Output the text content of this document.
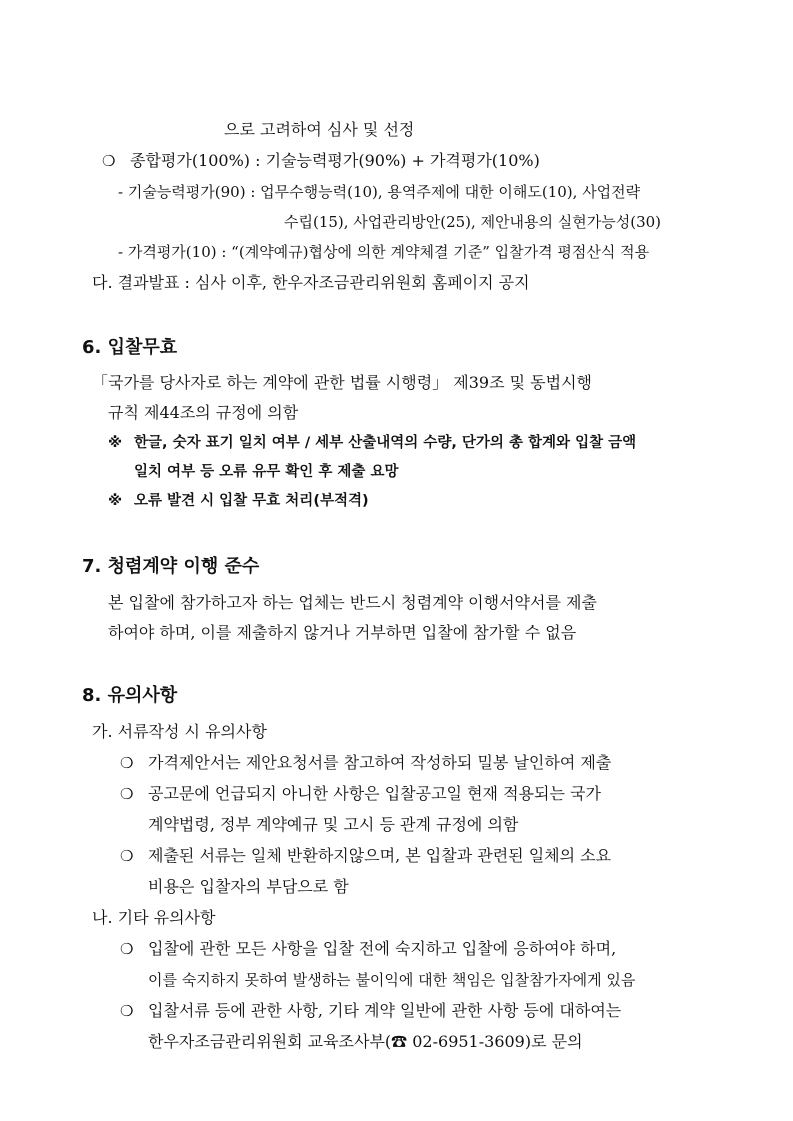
으로 고려하여 심사 및 선정
❍ 종합평가(100%) : 기술능력평가(90%) + 가격평가(10%)
- 기술능력평가(90) : 업무수행능력(10), 용역주제에 대한 이해도(10), 사업전략
수립(15), 사업관리방안(25), 제안내용의 실현가능성(30)
- 가격평가(10) : “(계약예규)협상에 의한 계약체결 기준” 입찰가격 평점산식 적용
다. 결과발표 : 심사 이후, 한우자조금관리위원회 홈페이지 공지
6. 입찰무효
「국가를 당사자로 하는 계약에 관한 법률 시행령」 제39조 및 동법시행
규칙 제44조의 규정에 의함
※ 한글, 숫자 표기 일치 여부 / 세부 산출내역의 수량, 단가의 총 합계와 입찰 금액
일치 여부 등 오류 유무 확인 후 제출 요망
※ 오류 발견 시 입찰 무효 처리(부적격)
7. 청렴계약 이행 준수
본 입찰에 참가하고자 하는 업체는 반드시 청렴계약 이행서약서를 제출
하여야 하며, 이를 제출하지 않거나 거부하면 입찰에 참가할 수 없음
8. 유의사항
가. 서류작성 시 유의사항
❍ 가격제안서는 제안요청서를 참고하여 작성하되 밀봉 날인하여 제출
❍ 공고문에 언급되지 아니한 사항은 입찰공고일 현재 적용되는 국가
계약법령, 정부 계약예규 및 고시 등 관계 규정에 의함
❍ 제출된 서류는 일체 반환하지않으며, 본 입찰과 관련된 일체의 소요
비용은 입찰자의 부담으로 함
나. 기타 유의사항
❍ 입찰에 관한 모든 사항을 입찰 전에 숙지하고 입찰에 응하여야 하며,
이를 숙지하지 못하여 발생하는 불이익에 대한 책임은 입찰참가자에게 있음
❍ 입찰서류 등에 관한 사항, 기타 계약 일반에 관한 사항 등에 대하여는
한우자조금관리위원회 교육조사부(☎ 02-6951-3609)로 문의
